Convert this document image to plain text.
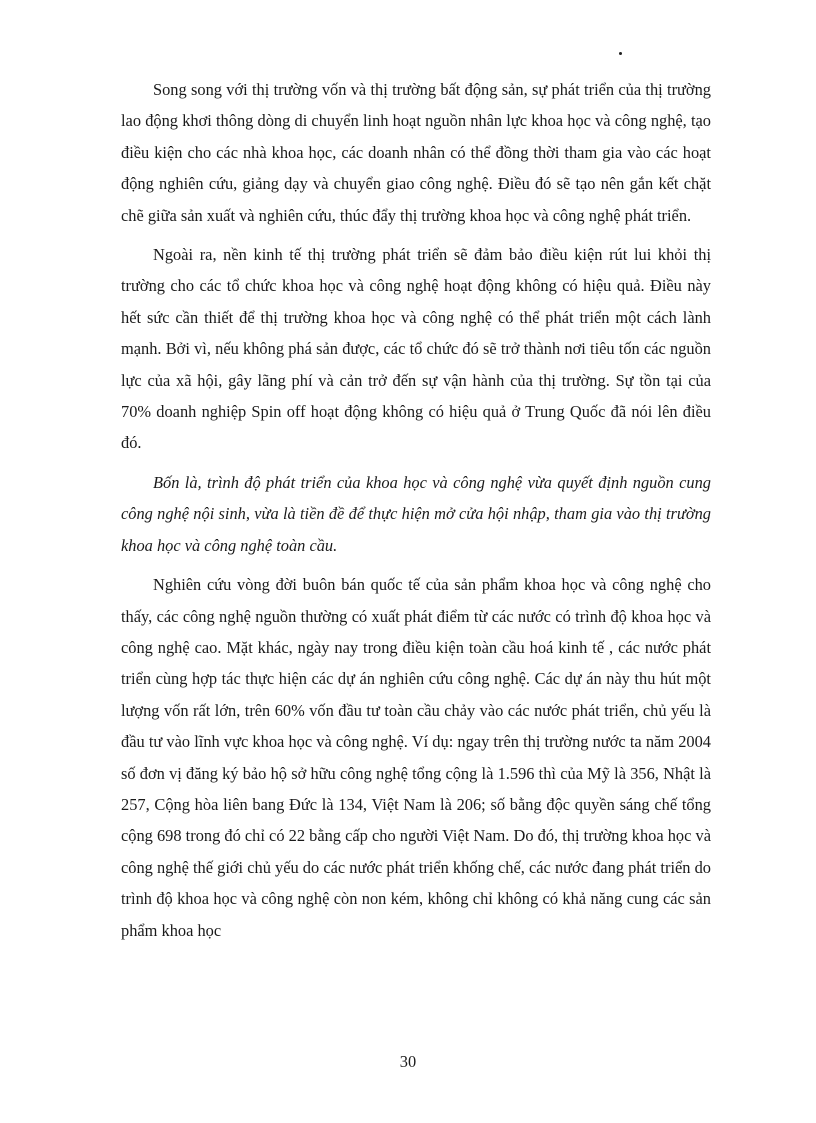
Song song với thị trường vốn và thị trường bất động sản, sự phát triển của thị trường lao động khơi thông dòng di chuyển linh hoạt nguồn nhân lực khoa học và công nghệ, tạo điều kiện cho các nhà khoa học, các doanh nhân có thể đồng thời tham gia vào các hoạt động nghiên cứu, giảng dạy và chuyển giao công nghệ. Điều đó sẽ tạo nên gắn kết chặt chẽ giữa sản xuất và nghiên cứu, thúc đẩy thị trường khoa học và công nghệ phát triển.

Ngoài ra, nền kinh tế thị trường phát triển sẽ đảm bảo điều kiện rút lui khỏi thị trường cho các tổ chức khoa học và công nghệ hoạt động không có hiệu quả. Điều này hết sức cần thiết để thị trường khoa học và công nghệ có thể phát triển một cách lành mạnh. Bởi vì, nếu không phá sản được, các tổ chức đó sẽ trở thành nơi tiêu tốn các nguồn lực của xã hội, gây lãng phí và cản trở đến sự vận hành của thị trường. Sự tồn tại của 70% doanh nghiệp Spin off hoạt động không có hiệu quả ở Trung Quốc đã nói lên điều đó.

Bốn là, trình độ phát triển của khoa học và công nghệ vừa quyết định nguồn cung công nghệ nội sinh, vừa là tiền đề để thực hiện mở cửa hội nhập, tham gia vào thị trường khoa học và công nghệ toàn cầu.

Nghiên cứu vòng đời buôn bán quốc tế của sản phẩm khoa học và công nghệ cho thấy, các công nghệ nguồn thường có xuất phát điểm từ các nước có trình độ khoa học và công nghệ cao. Mặt khác, ngày nay trong điều kiện toàn cầu hoá kinh tế , các nước phát triển cùng hợp tác thực hiện các dự án nghiên cứu công nghệ. Các dự án này thu hút một lượng vốn rất lớn, trên 60% vốn đầu tư toàn cầu chảy vào các nước phát triển, chủ yếu là đầu tư vào lĩnh vực khoa học và công nghệ. Ví dụ: ngay trên thị trường nước ta năm 2004 số đơn vị đăng ký bảo hộ sở hữu công nghệ tổng cộng là 1.596 thì của Mỹ là 356, Nhật là 257, Cộng hòa liên bang Đức là 134, Việt Nam là 206; số bằng độc quyền sáng chế tổng cộng 698 trong đó chỉ có 22 bằng cấp cho người Việt Nam. Do đó, thị trường khoa học và công nghệ thế giới chủ yếu do các nước phát triển khống chế, các nước đang phát triển do trình độ khoa học và công nghệ còn non kém, không chỉ không có khả năng cung các sản phẩm khoa học

30
